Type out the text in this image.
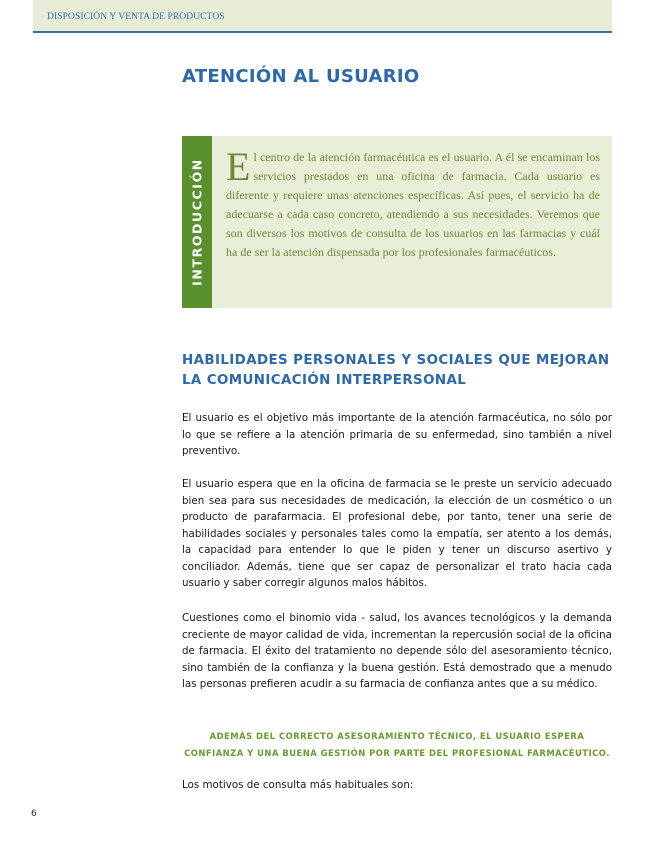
DISPOSICIÓN Y VENTA DE PRODUCTOS
ATENCIÓN AL USUARIO
INTRODUCCIÓN El centro de la atención farmacéutica es el usuario. A él se encaminan los servicios prestados en una oficina de farmacia. Cada usuario es diferente y requiere unas atenciones específicas. Así pues, el servicio ha de adecuarse a cada caso concreto, atendiendo a sus necesidades. Veremos que son diversos los motivos de consulta de los usuarios en las farmacias y cuál ha de ser la atención dispensada por los profesionales farmacéuticos.

HABILIDADES PERSONALES Y SOCIALES QUE MEJORAN LA COMUNICACIÓN INTERPERSONAL

El usuario es el objetivo más importante de la atención farmacéutica, no sólo por lo que se refiere a la atención primaria de su enfermedad, sino también a nivel preventivo.

El usuario espera que en la oficina de farmacia se le preste un servicio adecuado bien sea para sus necesidades de medicación, la elección de un cosmético o un producto de parafarmacia. El profesional debe, por tanto, tener una serie de habilidades sociales y personales tales como la empatía, ser atento a los demás, la capacidad para entender lo que le piden y tener un discurso asertivo y conciliador. Además, tiene que ser capaz de personalizar el trato hacia cada usuario y saber corregir algunos malos hábitos.

Cuestiones como el binomio vida - salud, los avances tecnológicos y la demanda creciente de mayor calidad de vida, incrementan la repercusión social de la oficina de farmacia. El éxito del tratamiento no depende sólo del asesoramiento técnico, sino también de la confianza y la buena gestión. Está demostrado que a menudo las personas prefieren acudir a su farmacia de confianza antes que a su médico.

ADEMÁS DEL CORRECTO ASESORAMIENTO TÉCNICO, EL USUARIO ESPERA CONFIANZA Y UNA BUENA GESTIÓN POR PARTE DEL PROFESIONAL FARMACÉUTICO.

Los motivos de consulta más habituales son:

6
